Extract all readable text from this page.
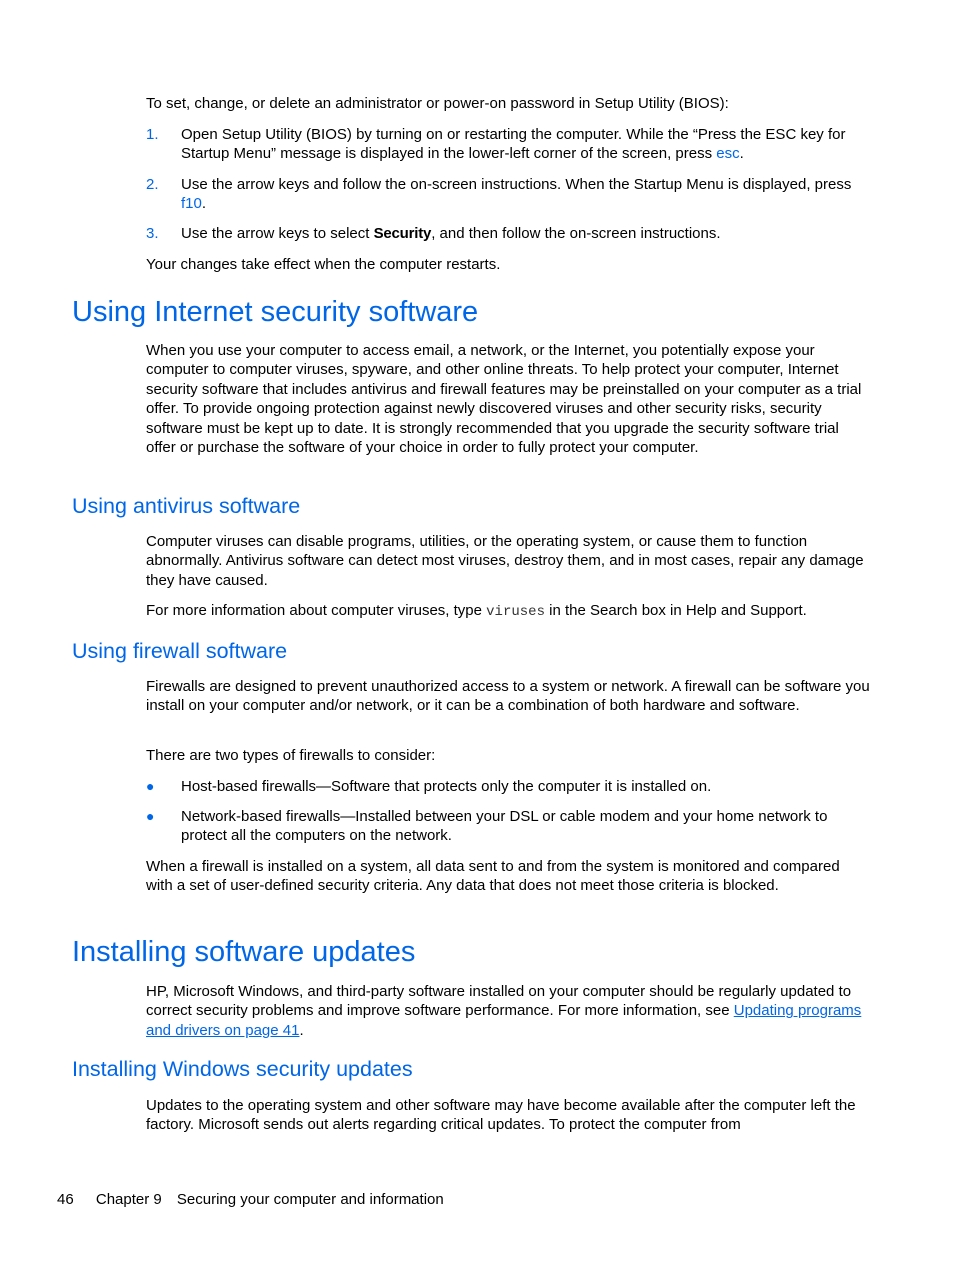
To set, change, or delete an administrator or power-on password in Setup Utility (BIOS):

1. Open Setup Utility (BIOS) by turning on or restarting the computer. While the “Press the ESC key for Startup Menu” message is displayed in the lower-left corner of the screen, press esc.

2. Use the arrow keys and follow the on-screen instructions. When the Startup Menu is displayed, press f10.

3. Use the arrow keys to select Security, and then follow the on-screen instructions.

Your changes take effect when the computer restarts.

Using Internet security software

When you use your computer to access email, a network, or the Internet, you potentially expose your computer to computer viruses, spyware, and other online threats. To help protect your computer, Internet security software that includes antivirus and firewall features may be preinstalled on your computer as a trial offer. To provide ongoing protection against newly discovered viruses and other security risks, security software must be kept up to date. It is strongly recommended that you upgrade the security software trial offer or purchase the software of your choice in order to fully protect your computer.

Using antivirus software

Computer viruses can disable programs, utilities, or the operating system, or cause them to function abnormally. Antivirus software can detect most viruses, destroy them, and in most cases, repair any damage they have caused.

For more information about computer viruses, type viruses in the Search box in Help and Support.

Using firewall software

Firewalls are designed to prevent unauthorized access to a system or network. A firewall can be software you install on your computer and/or network, or it can be a combination of both hardware and software.

There are two types of firewalls to consider:

● Host-based firewalls—Software that protects only the computer it is installed on.

● Network-based firewalls—Installed between your DSL or cable modem and your home network to protect all the computers on the network.

When a firewall is installed on a system, all data sent to and from the system is monitored and compared with a set of user-defined security criteria. Any data that does not meet those criteria is blocked.

Installing software updates

HP, Microsoft Windows, and third-party software installed on your computer should be regularly updated to correct security problems and improve software performance. For more information, see Updating programs and drivers on page 41.

Installing Windows security updates

Updates to the operating system and other software may have become available after the computer left the factory. Microsoft sends out alerts regarding critical updates. To protect the computer from

46 Chapter 9 Securing your computer and information
